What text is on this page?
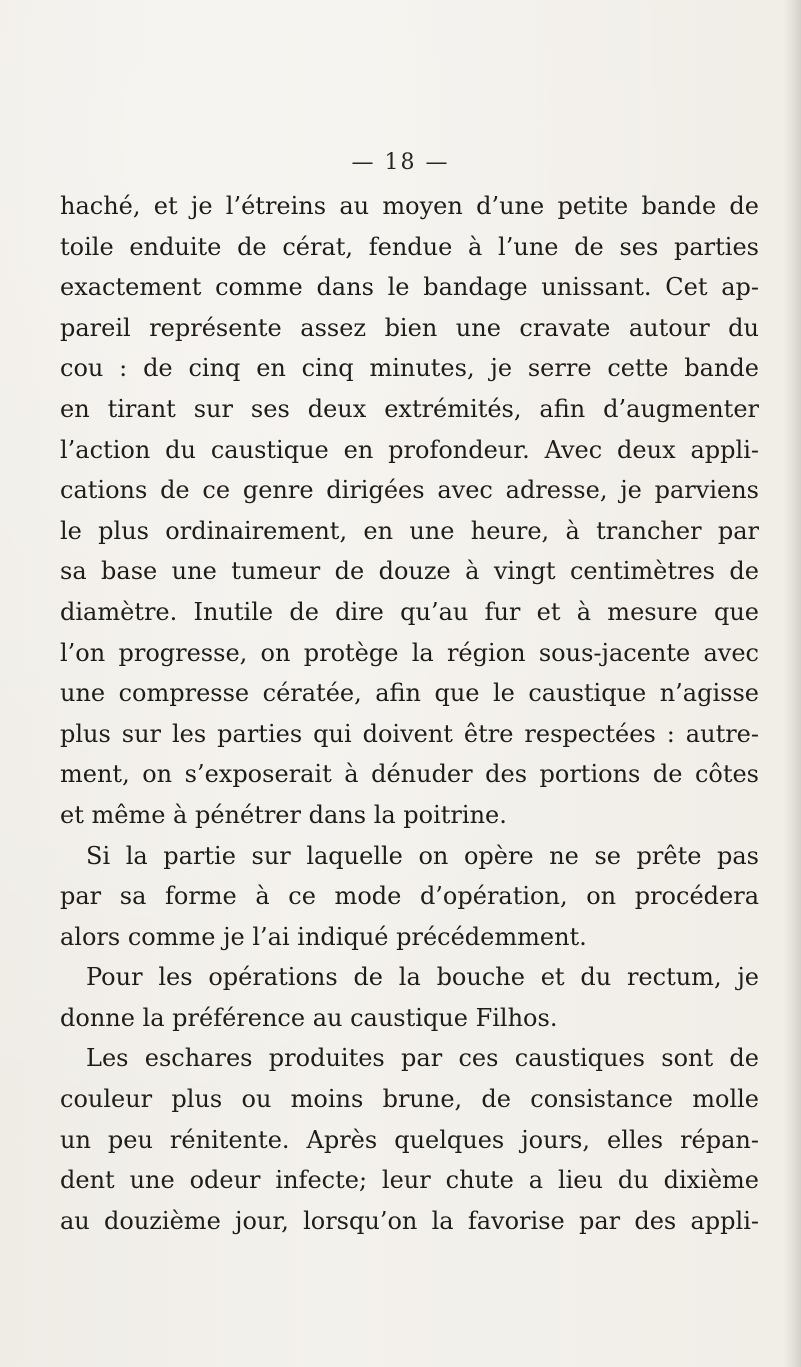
— 18 —
haché, et je l’étreins au moyen d’une petite bande de
toile enduite de cérat, fendue à l’une de ses parties
exactement comme dans le bandage unissant. Cet ap-
pareil représente assez bien une cravate autour du
cou : de cinq en cinq minutes, je serre cette bande
en tirant sur ses deux extrémités, afin d’augmenter
l’action du caustique en profondeur. Avec deux appli-
cations de ce genre dirigées avec adresse, je parviens
le plus ordinairement, en une heure, à trancher par
sa base une tumeur de douze à vingt centimètres de
diamètre. Inutile de dire qu’au fur et à mesure que
l’on progresse, on protège la région sous-jacente avec
une compresse cératée, afin que le caustique n’agisse
plus sur les parties qui doivent être respectées : autre-
ment, on s’exposerait à dénuder des portions de côtes
et même à pénétrer dans la poitrine.
Si la partie sur laquelle on opère ne se prête pas
par sa forme à ce mode d’opération, on procédera
alors comme je l’ai indiqué précédemment.
Pour les opérations de la bouche et du rectum, je
donne la préférence au caustique Filhos.
Les eschares produites par ces caustiques sont de
couleur plus ou moins brune, de consistance molle
un peu rénitente. Après quelques jours, elles répan-
dent une odeur infecte; leur chute a lieu du dixième
au douzième jour, lorsqu’on la favorise par des appli-
